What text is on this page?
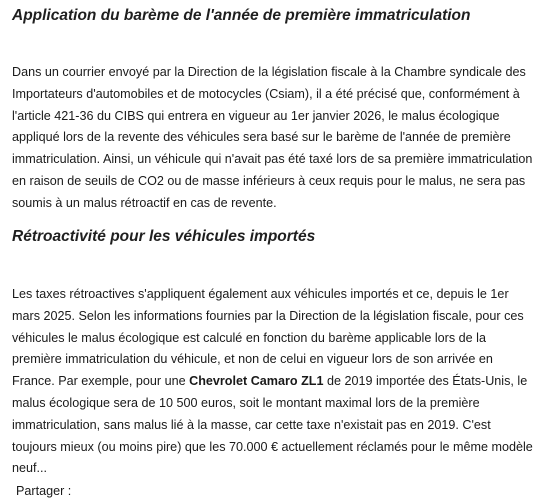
Application du barème de l'année de première immatriculation

Dans un courrier envoyé par la Direction de la législation fiscale à la Chambre syndicale des Importateurs d'automobiles et de motocycles (Csiam), il a été précisé que, conformément à l'article 421-36 du CIBS qui entrera en vigueur au 1er janvier 2026, le malus écologique appliqué lors de la revente des véhicules sera basé sur le barème de l'année de première immatriculation. Ainsi, un véhicule qui n'avait pas été taxé lors de sa première immatriculation en raison de seuils de CO2 ou de masse inférieurs à ceux requis pour le malus, ne sera pas soumis à un malus rétroactif en cas de revente.

Rétroactivité pour les véhicules importés

Les taxes rétroactives s'appliquent également aux véhicules importés et ce, depuis le 1er mars 2025. Selon les informations fournies par la Direction de la législation fiscale, pour ces véhicules le malus écologique est calculé en fonction du barème applicable lors de la première immatriculation du véhicule, et non de celui en vigueur lors de son arrivée en France. Par exemple, pour une Chevrolet Camaro ZL1 de 2019 importée des États-Unis, le malus écologique sera de 10 500 euros, soit le montant maximal lors de la première immatriculation, sans malus lié à la masse, car cette taxe n'existait pas en 2019. C'est toujours mieux (ou moins pire) que les 70.000 € actuellement réclamés pour le même modèle neuf...

Partager :
